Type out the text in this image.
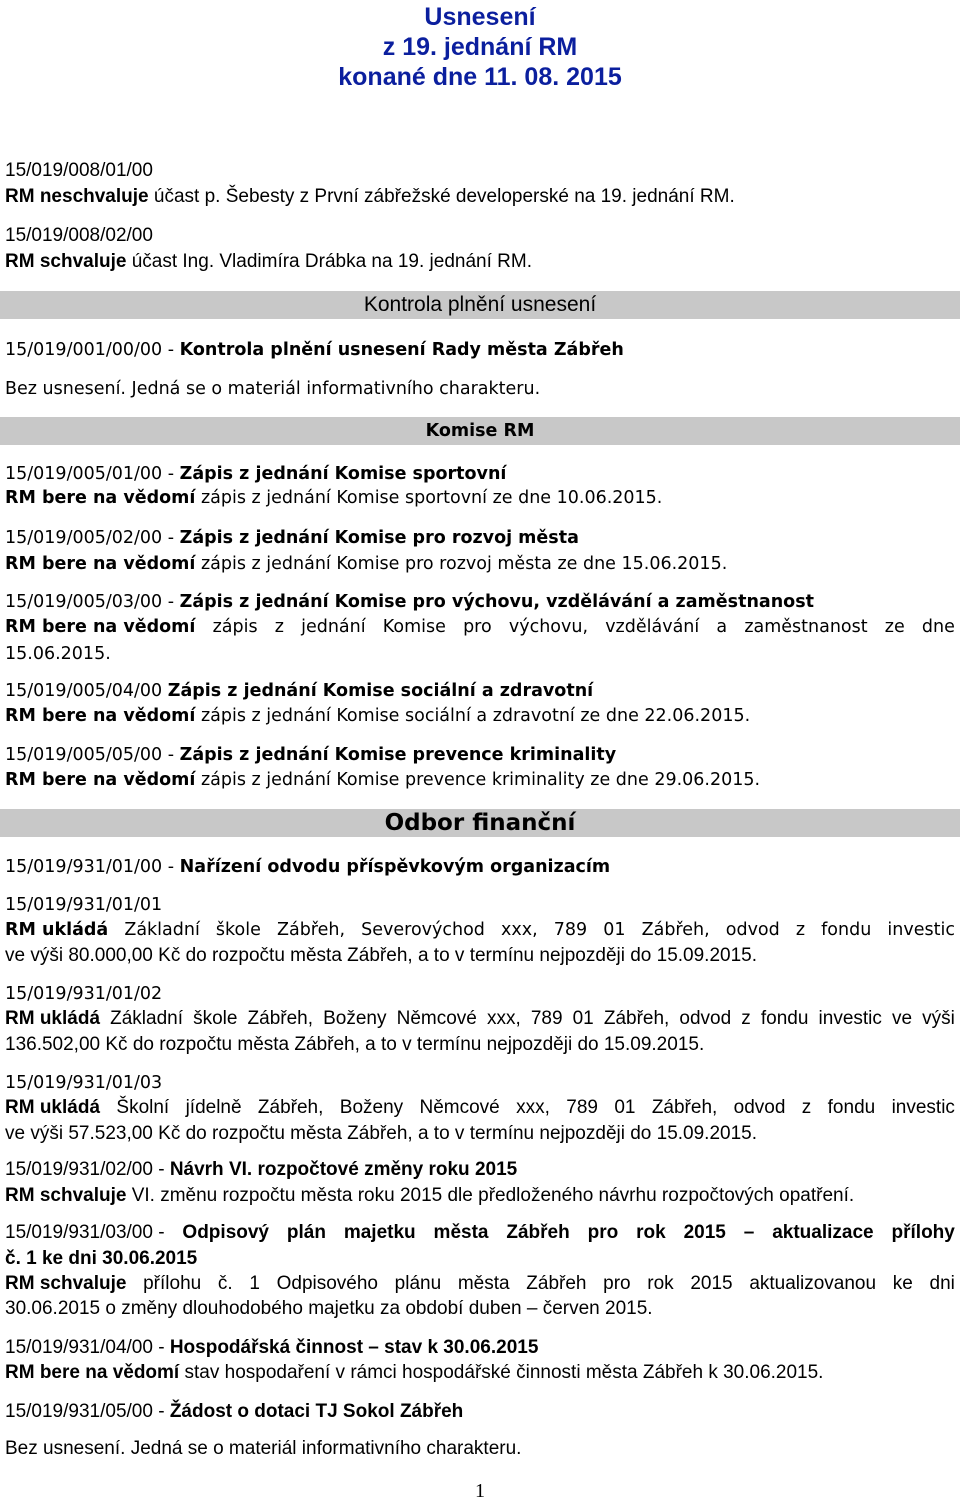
Usnesení
z 19. jednání RM
konané dne 11. 08. 2015
15/019/008/01/00
RM neschvaluje účast p. Šebesty z První zábřežské developerské na 19. jednání RM.
15/019/008/02/00
RM schvaluje účast Ing. Vladimíra Drábka na 19. jednání RM.
Kontrola plnění usnesení
15/019/001/00/00 - Kontrola plnění usnesení Rady města Zábřeh
Bez usnesení. Jedná se o materiál informativního charakteru.
Komise RM
15/019/005/01/00 - Zápis z jednání Komise sportovní
RM bere na vědomí zápis z jednání Komise sportovní ze dne 10.06.2015.
15/019/005/02/00 - Zápis z jednání Komise pro rozvoj města
RM bere na vědomí zápis z jednání Komise pro rozvoj města ze dne 15.06.2015.
15/019/005/03/00 - Zápis z jednání Komise pro výchovu, vzdělávání a zaměstnanost
RM bere na vědomí zápis z jednání Komise pro výchovu, vzdělávání a zaměstnanost ze dne
15.06.2015.
15/019/005/04/00 Zápis z jednání Komise sociální a zdravotní
RM bere na vědomí zápis z jednání Komise sociální a zdravotní ze dne 22.06.2015.
15/019/005/05/00 - Zápis z jednání Komise prevence kriminality
RM bere na vědomí zápis z jednání Komise prevence kriminality ze dne 29.06.2015.
Odbor finanční
15/019/931/01/00 - Nařízení odvodu příspěvkovým organizacím
15/019/931/01/01
RM ukládá Základní škole Zábřeh, Severovýchod xxx, 789 01 Zábřeh, odvod z fondu investic
ve výši 80.000,00 Kč do rozpočtu města Zábřeh, a to v termínu nejpozději do 15.09.2015.
15/019/931/01/02
RM ukládá Základní škole Zábřeh, Boženy Němcové xxx, 789 01 Zábřeh, odvod z fondu investic ve výši
136.502,00 Kč do rozpočtu města Zábřeh, a to v termínu nejpozději do 15.09.2015.
15/019/931/01/03
RM ukládá Školní jídelně Zábřeh, Boženy Němcové xxx, 789 01 Zábřeh, odvod z fondu investic
ve výši 57.523,00 Kč do rozpočtu města Zábřeh, a to v termínu nejpozději do 15.09.2015.
15/019/931/02/00 - Návrh VI. rozpočtové změny roku 2015
RM schvaluje VI. změnu rozpočtu města roku 2015 dle předloženého návrhu rozpočtových opatření.
15/019/931/03/00 - Odpisový plán majetku města Zábřeh pro rok 2015 – aktualizace přílohy
č. 1 ke dni 30.06.2015
RM schvaluje přílohu č. 1 Odpisového plánu města Zábřeh pro rok 2015 aktualizovanou ke dni
30.06.2015 o změny dlouhodobého majetku za období duben – červen 2015.
15/019/931/04/00 - Hospodářská činnost – stav k 30.06.2015
RM bere na vědomí stav hospodaření v rámci hospodářské činnosti města Zábřeh k 30.06.2015.
15/019/931/05/00 - Žádost o dotaci TJ Sokol Zábřeh
Bez usnesení. Jedná se o materiál informativního charakteru.
1
